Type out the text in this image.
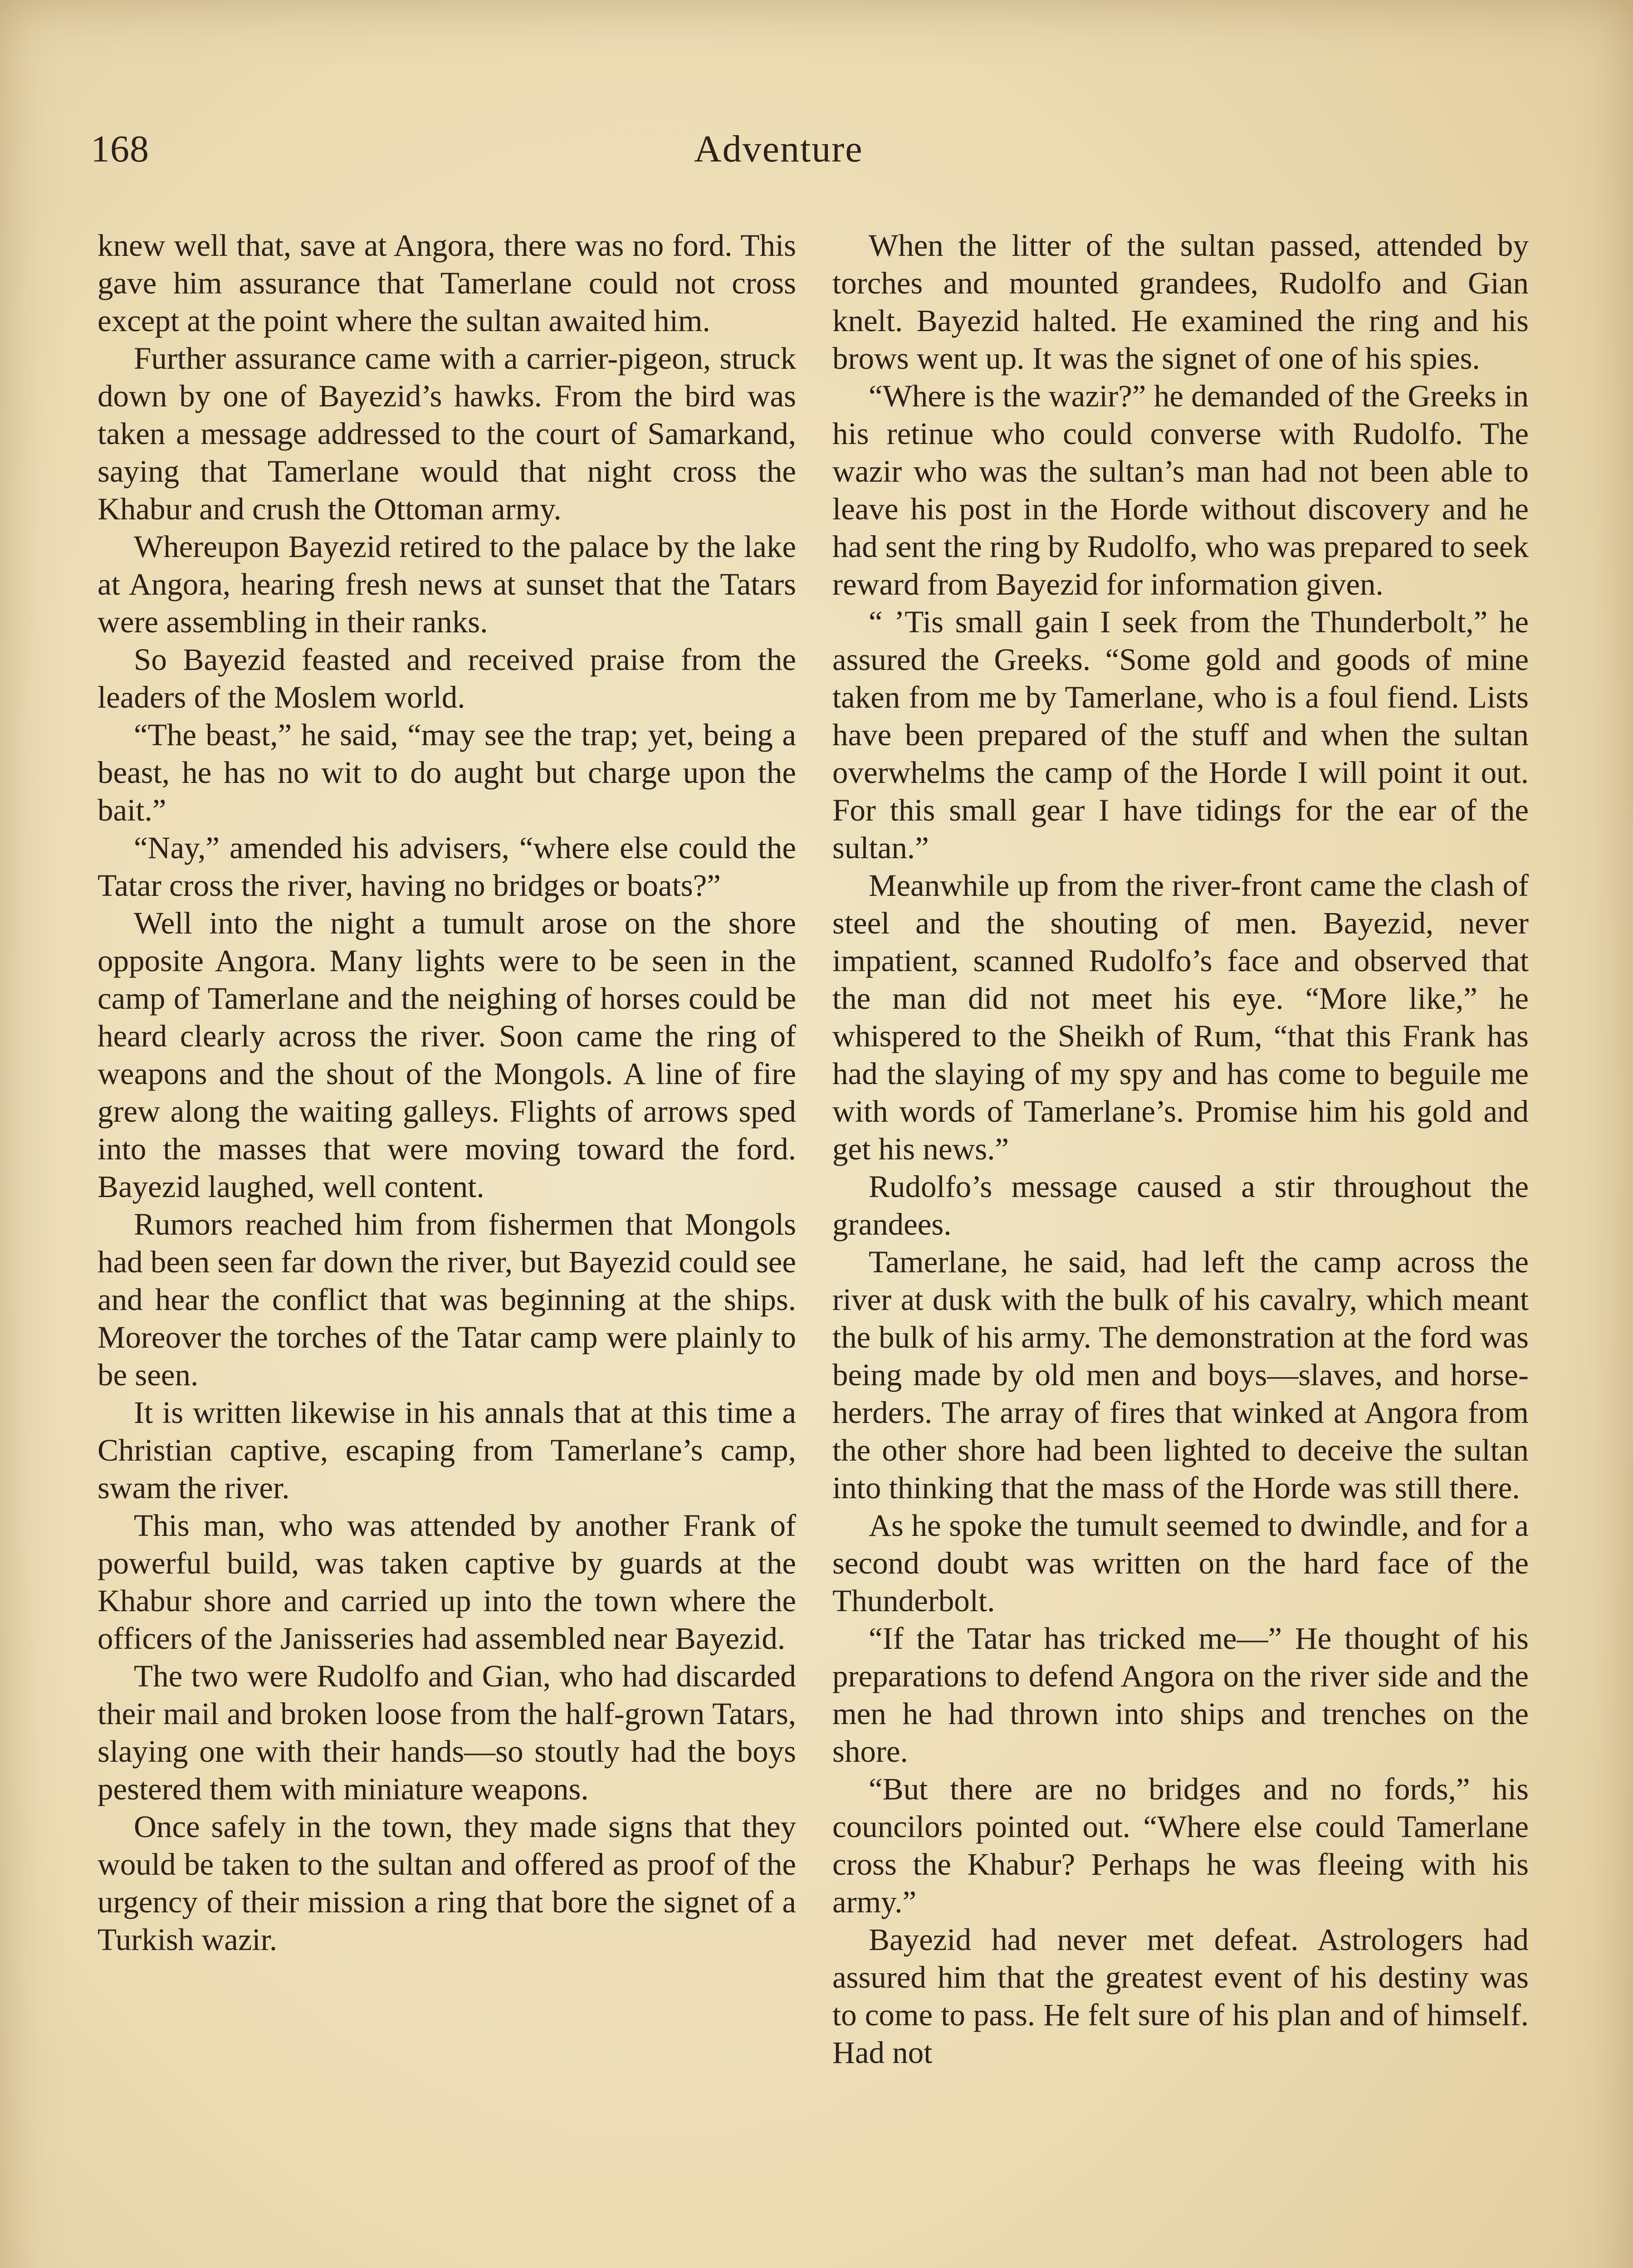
168	Adventure

knew well that, save at Angora, there was no ford. This gave him assurance that Tamerlane could not cross except at the point where the sultan awaited him.

Further assurance came with a carrier-pigeon, struck down by one of Bayezid’s hawks. From the bird was taken a message addressed to the court of Samarkand, saying that Tamerlane would that night cross the Khabur and crush the Ottoman army.

Whereupon Bayezid retired to the palace by the lake at Angora, hearing fresh news at sunset that the Tatars were assembling in their ranks.

So Bayezid feasted and received praise from the leaders of the Moslem world.

“The beast,” he said, “may see the trap; yet, being a beast, he has no wit to do aught but charge upon the bait.”

“Nay,” amended his advisers, “where else could the Tatar cross the river, having no bridges or boats?”

Well into the night a tumult arose on the shore opposite Angora. Many lights were to be seen in the camp of Tamerlane and the neighing of horses could be heard clearly across the river. Soon came the ring of weapons and the shout of the Mongols. A line of fire grew along the waiting galleys. Flights of arrows sped into the masses that were moving toward the ford. Bayezid laughed, well content.

Rumors reached him from fishermen that Mongols had been seen far down the river, but Bayezid could see and hear the conflict that was beginning at the ships. Moreover the torches of the Tatar camp were plainly to be seen.

It is written likewise in his annals that at this time a Christian captive, escaping from Tamerlane’s camp, swam the river.

This man, who was attended by another Frank of powerful build, was taken captive by guards at the Khabur shore and carried up into the town where the officers of the Janisseries had assembled near Bayezid.

The two were Rudolfo and Gian, who had discarded their mail and broken loose from the half-grown Tatars, slaying one with their hands—so stoutly had the boys pestered them with miniature weapons.

Once safely in the town, they made signs that they would be taken to the sultan and offered as proof of the urgency of their mission a ring that bore the signet of a Turkish wazir.

When the litter of the sultan passed, attended by torches and mounted grandees, Rudolfo and Gian knelt. Bayezid halted. He examined the ring and his brows went up. It was the signet of one of his spies.

“Where is the wazir?” he demanded of the Greeks in his retinue who could converse with Rudolfo. The wazir who was the sultan’s man had not been able to leave his post in the Horde without discovery and he had sent the ring by Rudolfo, who was prepared to seek reward from Bayezid for information given.

“ ’Tis small gain I seek from the Thunderbolt,” he assured the Greeks. “Some gold and goods of mine taken from me by Tamerlane, who is a foul fiend. Lists have been prepared of the stuff and when the sultan overwhelms the camp of the Horde I will point it out. For this small gear I have tidings for the ear of the sultan.”

Meanwhile up from the river-front came the clash of steel and the shouting of men. Bayezid, never impatient, scanned Rudolfo’s face and observed that the man did not meet his eye. “More like,” he whispered to the Sheikh of Rum, “that this Frank has had the slaying of my spy and has come to beguile me with words of Tamerlane’s. Promise him his gold and get his news.”

Rudolfo’s message caused a stir throughout the grandees.

Tamerlane, he said, had left the camp across the river at dusk with the bulk of his cavalry, which meant the bulk of his army. The demonstration at the ford was being made by old men and boys—slaves, and horse-herders. The array of fires that winked at Angora from the other shore had been lighted to deceive the sultan into thinking that the mass of the Horde was still there.

As he spoke the tumult seemed to dwindle, and for a second doubt was written on the hard face of the Thunderbolt.

“If the Tatar has tricked me—” He thought of his preparations to defend Angora on the river side and the men he had thrown into ships and trenches on the shore.

“But there are no bridges and no fords,” his councilors pointed out. “Where else could Tamerlane cross the Khabur? Perhaps he was fleeing with his army.”

Bayezid had never met defeat. Astrologers had assured him that the greatest event of his destiny was to come to pass. He felt sure of his plan and of himself. Had not
